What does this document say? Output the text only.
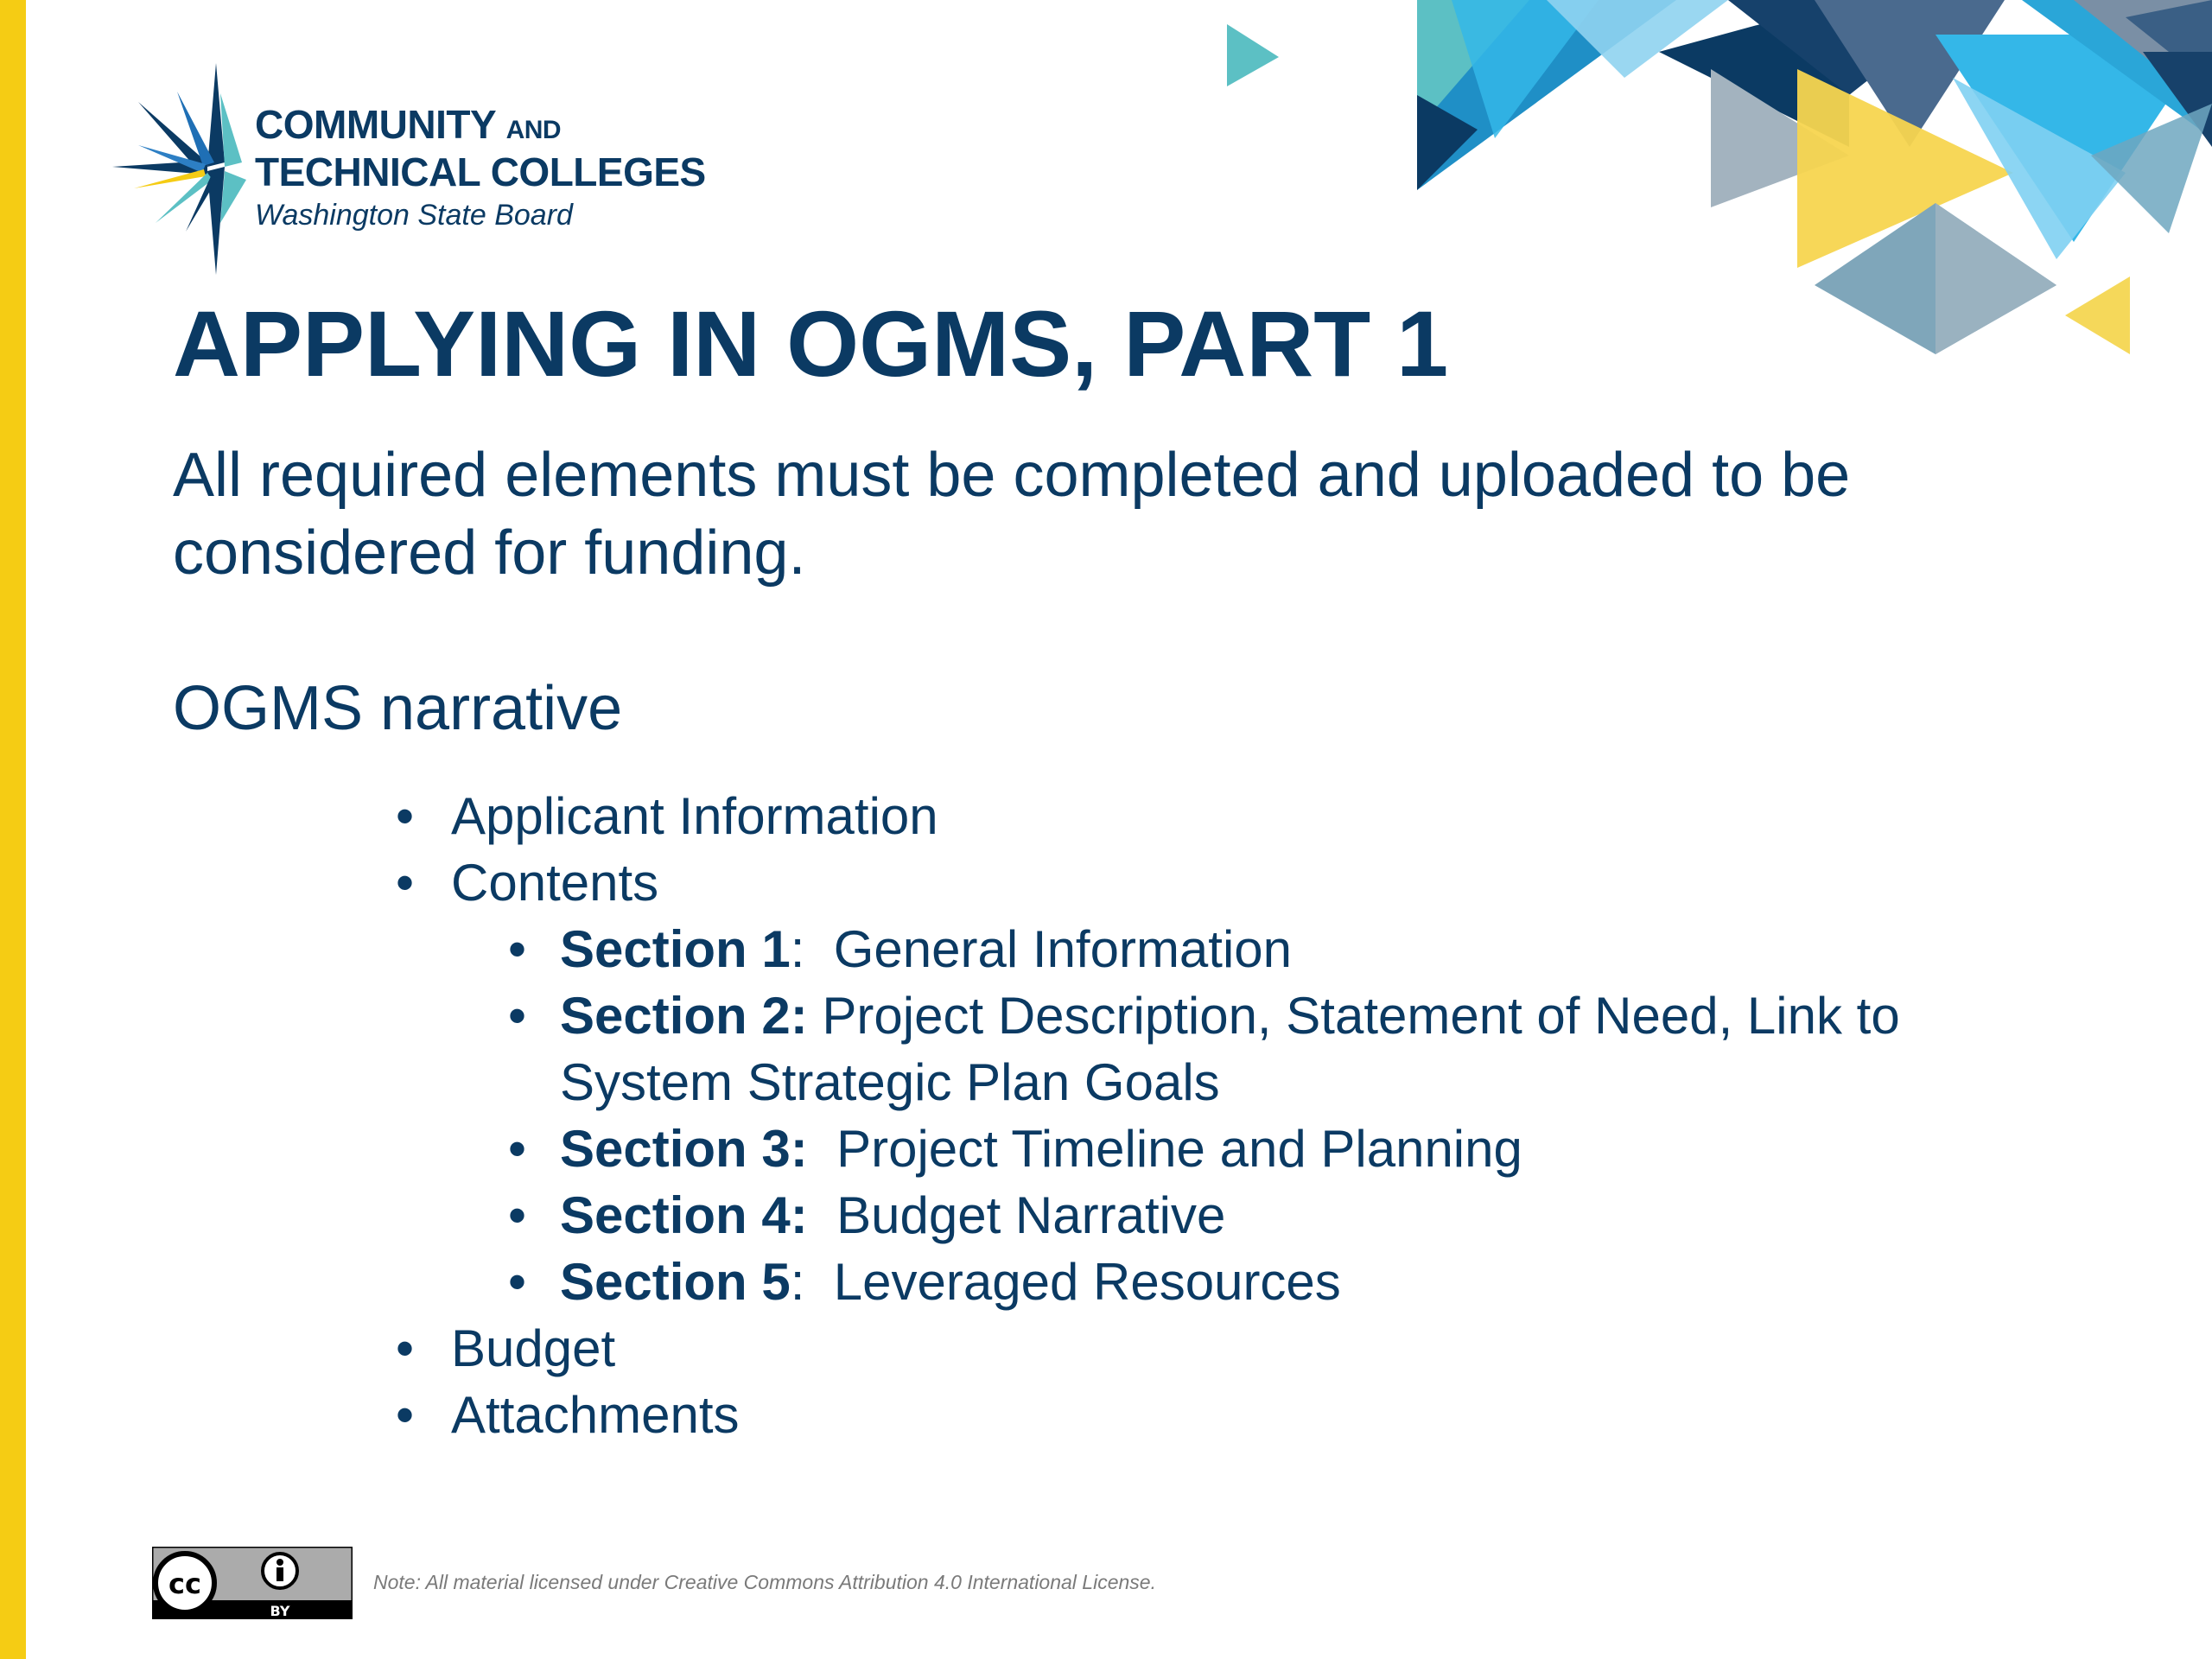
COMMUNITY AND
TECHNICAL COLLEGES
Washington State Board
APPLYING IN OGMS, PART 1
All required elements must be completed and uploaded to be considered for funding.
OGMS narrative
• Applicant Information
• Contents
• Section 1:  General Information
• Section 2: Project Description, Statement of Need, Link to System Strategic Plan Goals
• Section 3: Project Timeline and Planning
• Section 4: Budget Narrative
• Section 5:  Leveraged Resources
• Budget
• Attachments
cc
BY
Note: All material licensed under Creative Commons Attribution 4.0 International License.
